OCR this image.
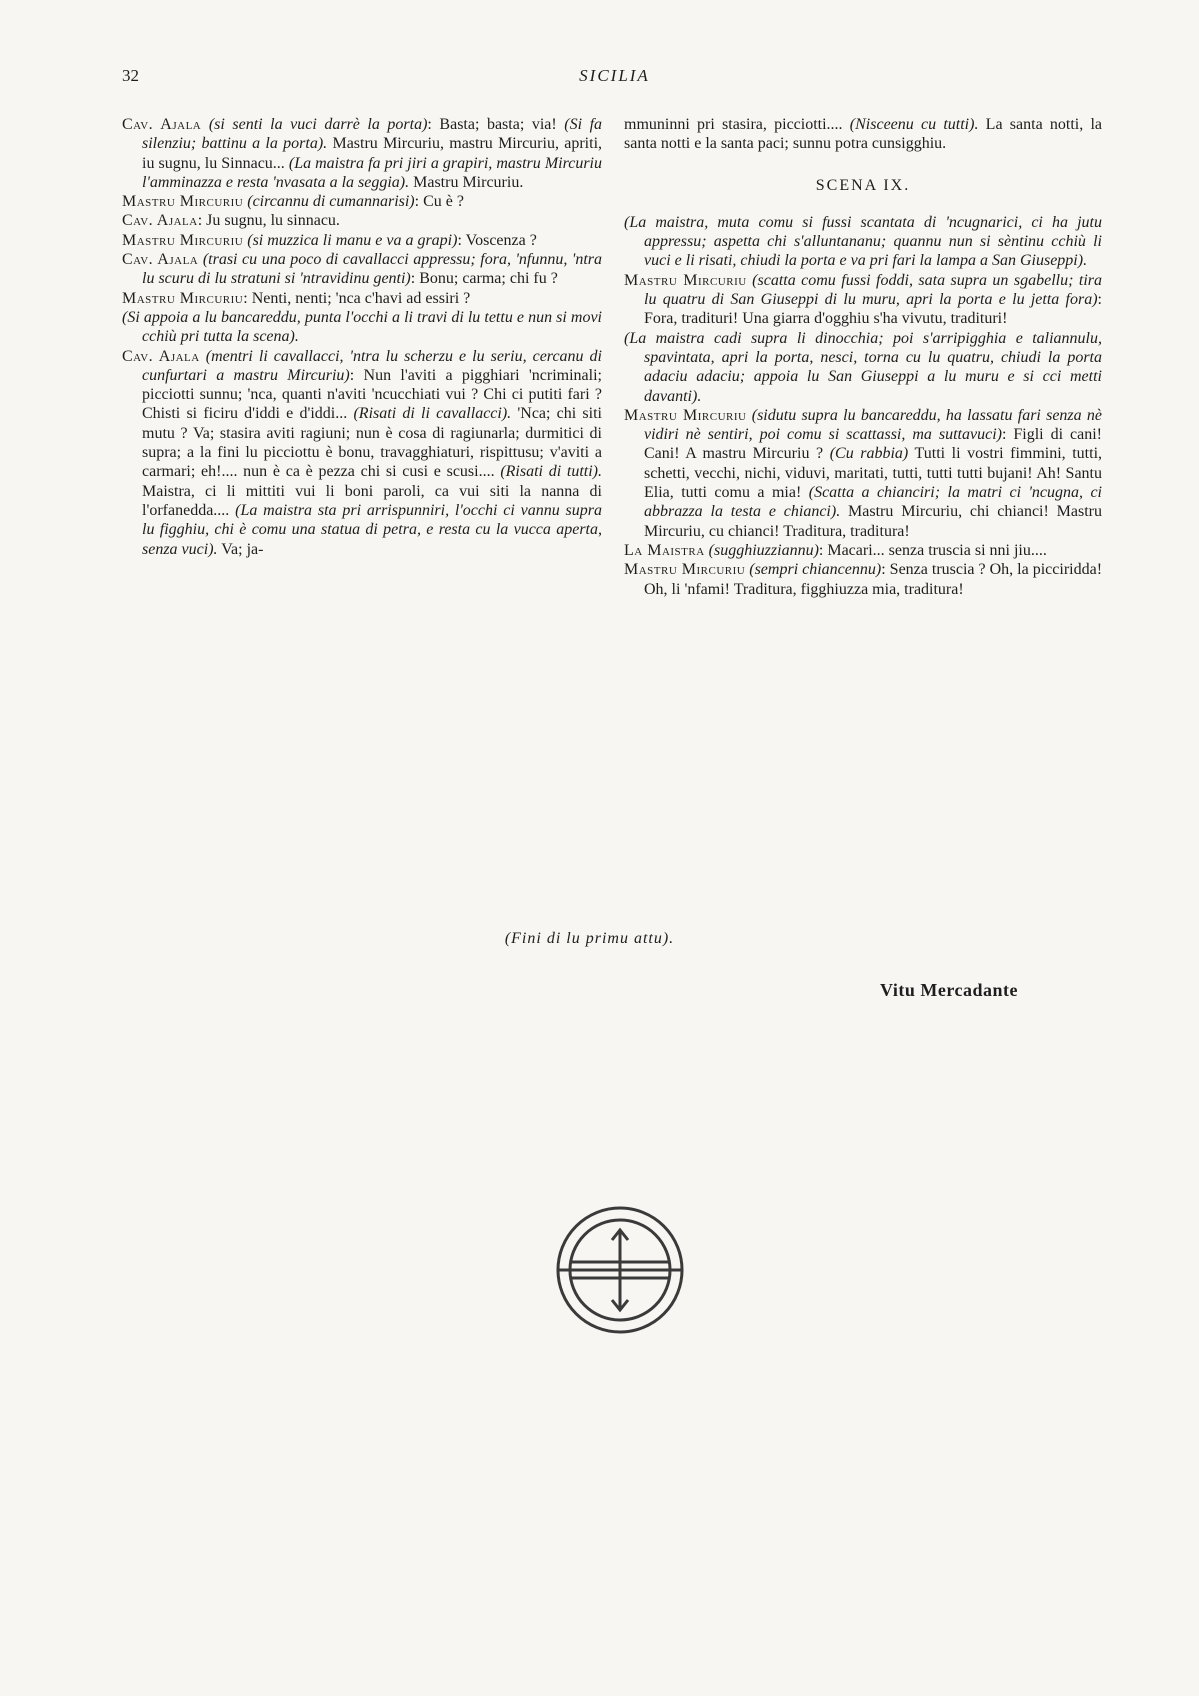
32	SICILIA

Cav. Ajala (si senti la vuci darrè la porta): Basta; basta; via! (Si fa silenziu; battinu a la porta). Mastru Mircuriu, mastru Mircuriu, apriti, iu sugnu, lu Sinnacu... (La maistra fa pri jiri a grapiri, mastru Mircuriu l'amminazza e resta 'nvasata a la seggia). Mastru Mircuriu.

Mastru Mircuriu (circannu di cumannarisi): Cu è ?

Cav. Ajala: Ju sugnu, lu sinnacu.

Mastru Mircuriu (si muzzica li manu e va a grapi): Voscenza ?

Cav. Ajala (trasi cu una poco di cavallacci appressu; fora, 'nfunnu, 'ntra lu scuru di lu stratuni si 'ntravidinu genti): Bonu; carma; chi fu ?

Mastru Mircuriu: Nenti, nenti; 'nca c'havi ad essiri ?

(Si appoia a lu bancareddu, punta l'occhi a li travi di lu tettu e nun si movi cchiù pri tutta la scena).

Cav. Ajala (mentri li cavallacci, 'ntra lu scherzu e lu seriu, cercanu di cunfurtari a mastru Mircuriu): Nun l'aviti a pigghiari 'ncriminali; picciotti sunnu; 'nca, quanti n'aviti 'ncucchiati vui ? Chi ci putiti fari ? Chisti si ficiru d'iddi e d'iddi... (Risati di li cavallacci). 'Nca; chi siti mutu ? Va; stasira aviti ragiuni; nun è cosa di ragiunarla; durmitici di supra; a la fini lu picciottu è bonu, travagghiaturi, rispittusu; v'aviti a carmari; eh!.... nun è ca è pezza chi si cusi e scusi.... (Risati di tutti). Maistra, ci li mittiti vui li boni paroli, ca vui siti la nanna di l'orfanedda.... (La maistra sta pri arrispunniri, l'occhi ci vannu supra lu figghiu, chi è comu una statua di petra, e resta cu la vucca aperta, senza vuci). Va; ja-

mmuninni pri stasira, picciotti.... (Nisceenu cu tutti). La santa notti, la santa notti e la santa paci; sunnu potra cunsigghiu.

SCENA IX.

(La maistra, muta comu si fussi scantata di 'ncugnarici, ci ha jutu appressu; aspetta chi s'alluntananu; quannu nun si sèntinu cchiù li vuci e li risati, chiudi la porta e va pri fari la lampa a San Giuseppi).

Mastru Mircuriu (scatta comu fussi foddi, sata supra un sgabellu; tira lu quatru di San Giuseppi di lu muru, apri la porta e lu jetta fora): Fora, tradituri! Una giarra d'ogghiu s'ha vivutu, tradituri!

(La maistra cadi supra li dinocchia; poi s'arripigghia e taliannulu, spavintata, apri la porta, nesci, torna cu lu quatru, chiudi la porta adaciu adaciu; appoia lu San Giuseppi a lu muru e si cci metti davanti).

Mastru Mircuriu (sidutu supra lu bancareddu, ha lassatu fari senza nè vidiri nè sentiri, poi comu si scattassi, ma suttavuci): Figli di cani! Cani! A mastru Mircuriu ? (Cu rabbia) Tutti li vostri fimmini, tutti, schetti, vecchi, nichi, viduvi, maritati, tutti, tutti tutti bujani! Ah! Santu Elia, tutti comu a mia! (Scatta a chianciri; la matri ci 'ncugna, ci abbrazza la testa e chianci). Mastru Mircuriu, chi chianci! Mastru Mircuriu, cu chianci! Traditura, traditura!

La Maistra (sugghiuzziannu): Macari... senza truscia si nni jiu....

Mastru Mircuriu (sempri chiancennu): Senza truscia ? Oh, la picciridda! Oh, li 'nfami! Traditura, figghiuzza mia, traditura!

(Fini di lu primu attu).
Vitu Mercadante
